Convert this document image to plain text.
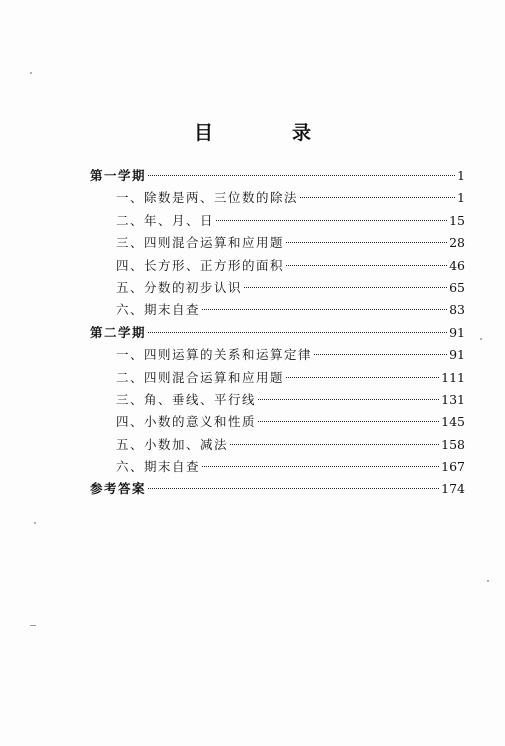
目　录
第一学期	1
一、除数是两、三位数的除法	1
二、年、月、日	15
三、四则混合运算和应用题	28
四、长方形、正方形的面积	46
五、分数的初步认识	65
六、期末自查	83
第二学期	91
一、四则运算的关系和运算定律	91
二、四则混合运算和应用题	111
三、角、垂线、平行线	131
四、小数的意义和性质	145
五、小数加、减法	158
六、期末自查	167
参考答案	174
